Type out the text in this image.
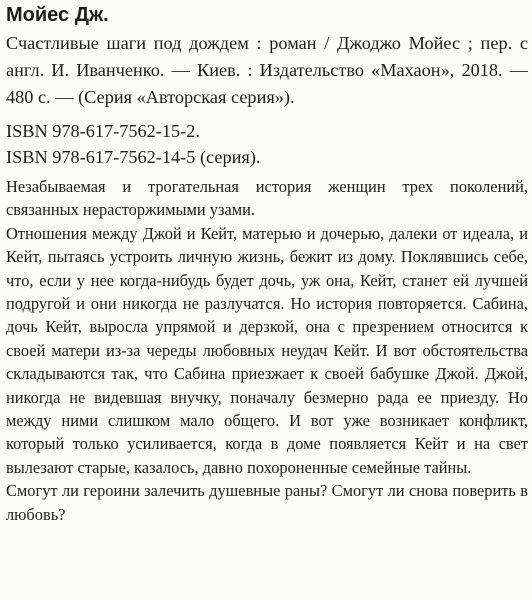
Мойес Дж.

Счастливые шаги под дождем : роман / Джоджо Мойес ; пер. с англ. И. Иванченко. — Киев. : Издательство «Махаон», 2018. — 480 с. — (Серия «Авторская серия»).

ISBN 978-617-7562-15-2.

ISBN 978-617-7562-14-5 (серия).

Незабываемая и трогательная история женщин трех поколений, связанных нерасторжимыми узами.

Отношения между Джой и Кейт, матерью и дочерью, далеки от идеала, и Кейт, пытаясь устроить личную жизнь, бежит из дому. Поклявшись себе, что, если у нее когда-нибудь будет дочь, уж она, Кейт, станет ей лучшей подругой и они никогда не разлучатся. Но история повторяется. Сабина, дочь Кейт, выросла упрямой и дерзкой, она с презрением относится к своей матери из-за череды любовных неудач Кейт. И вот обстоятельства складываются так, что Сабина приезжает к своей бабушке Джой. Джой, никогда не видевшая внучку, поначалу безмерно рада ее приезду. Но между ними слишком мало общего. И вот уже возникает конфликт, который только усиливается, когда в доме появляется Кейт и на свет вылезают старые, казалось, давно похороненные семейные тайны.

Смогут ли героини залечить душевные раны? Смогут ли снова поверить в любовь?
